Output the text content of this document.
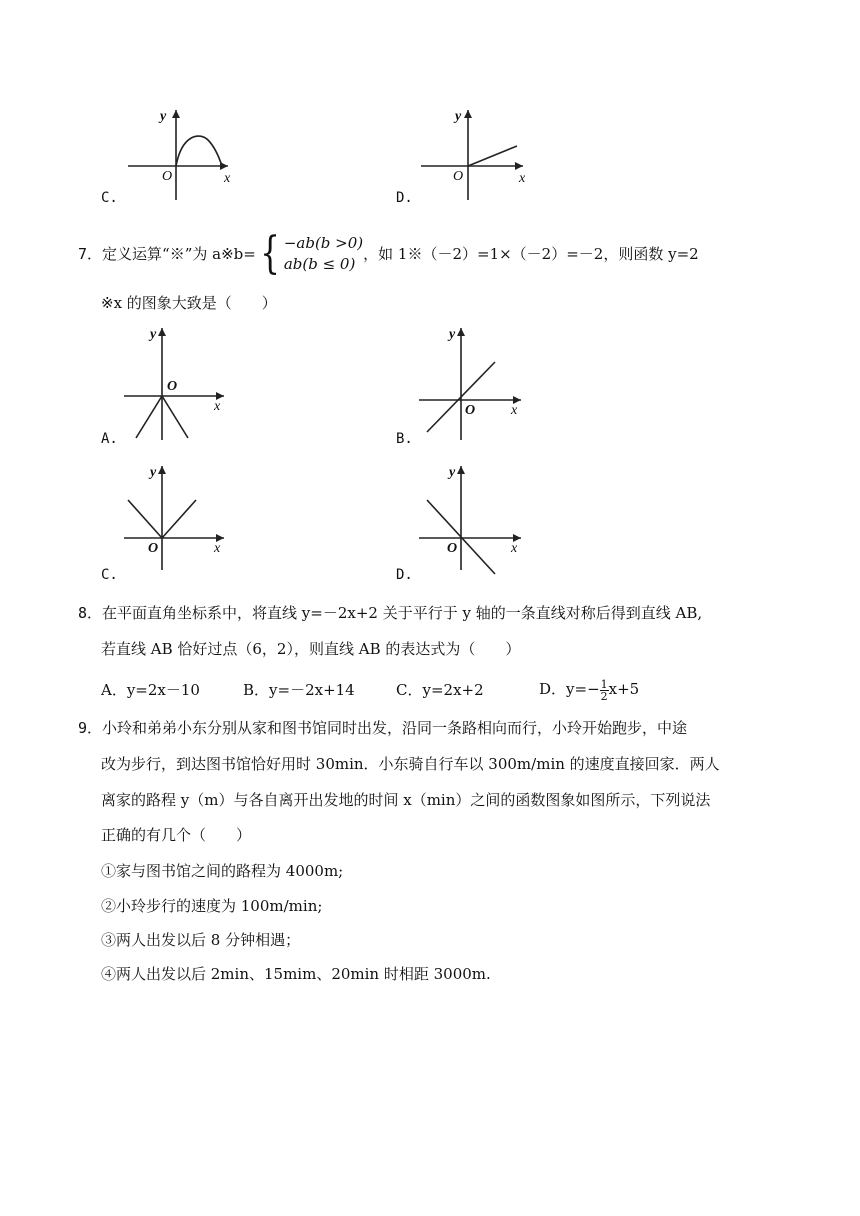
y
x
O
C.
y
x
O
D.
7．定义运算“※”为 a※b={ −ab(b >0)
ab(b ≤ 0)
，如 1※（－2）=1×（－2）=－2，则函数 y=2
※x 的图象大致是（　　）
y
x
O
A.
y
x
O
B.
y
x
O
C.
y
x
O
D.
8．在平面直角坐标系中，将直线 y=－2x+2 关于平行于 y 轴的一条直线对称后得到直线 AB,
若直线 AB 恰好过点（6，2），则直线 AB 的表达式为（　　）
A．y=2x－10	B．y=－2x+14	C．y=2x+2	D．$y=- \frac{1}{2} x+5$
9．小玲和弟弟小东分别从家和图书馆同时出发，沿同一条路相向而行，小玲开始跑步，中途
改为步行，到达图书馆恰好用时 30min．小东骑自行车以 300m/min 的速度直接回家．两人
离家的路程 y（m）与各自离开出发地的时间 x（min）之间的函数图象如图所示，下列说法
正确的有几个（　　）
①家与图书馆之间的路程为 4000m;
②小玲步行的速度为 100m/min;
③两人出发以后 8 分钟相遇；
④两人出发以后 2min、15mim、20min 时相距 3000m.
